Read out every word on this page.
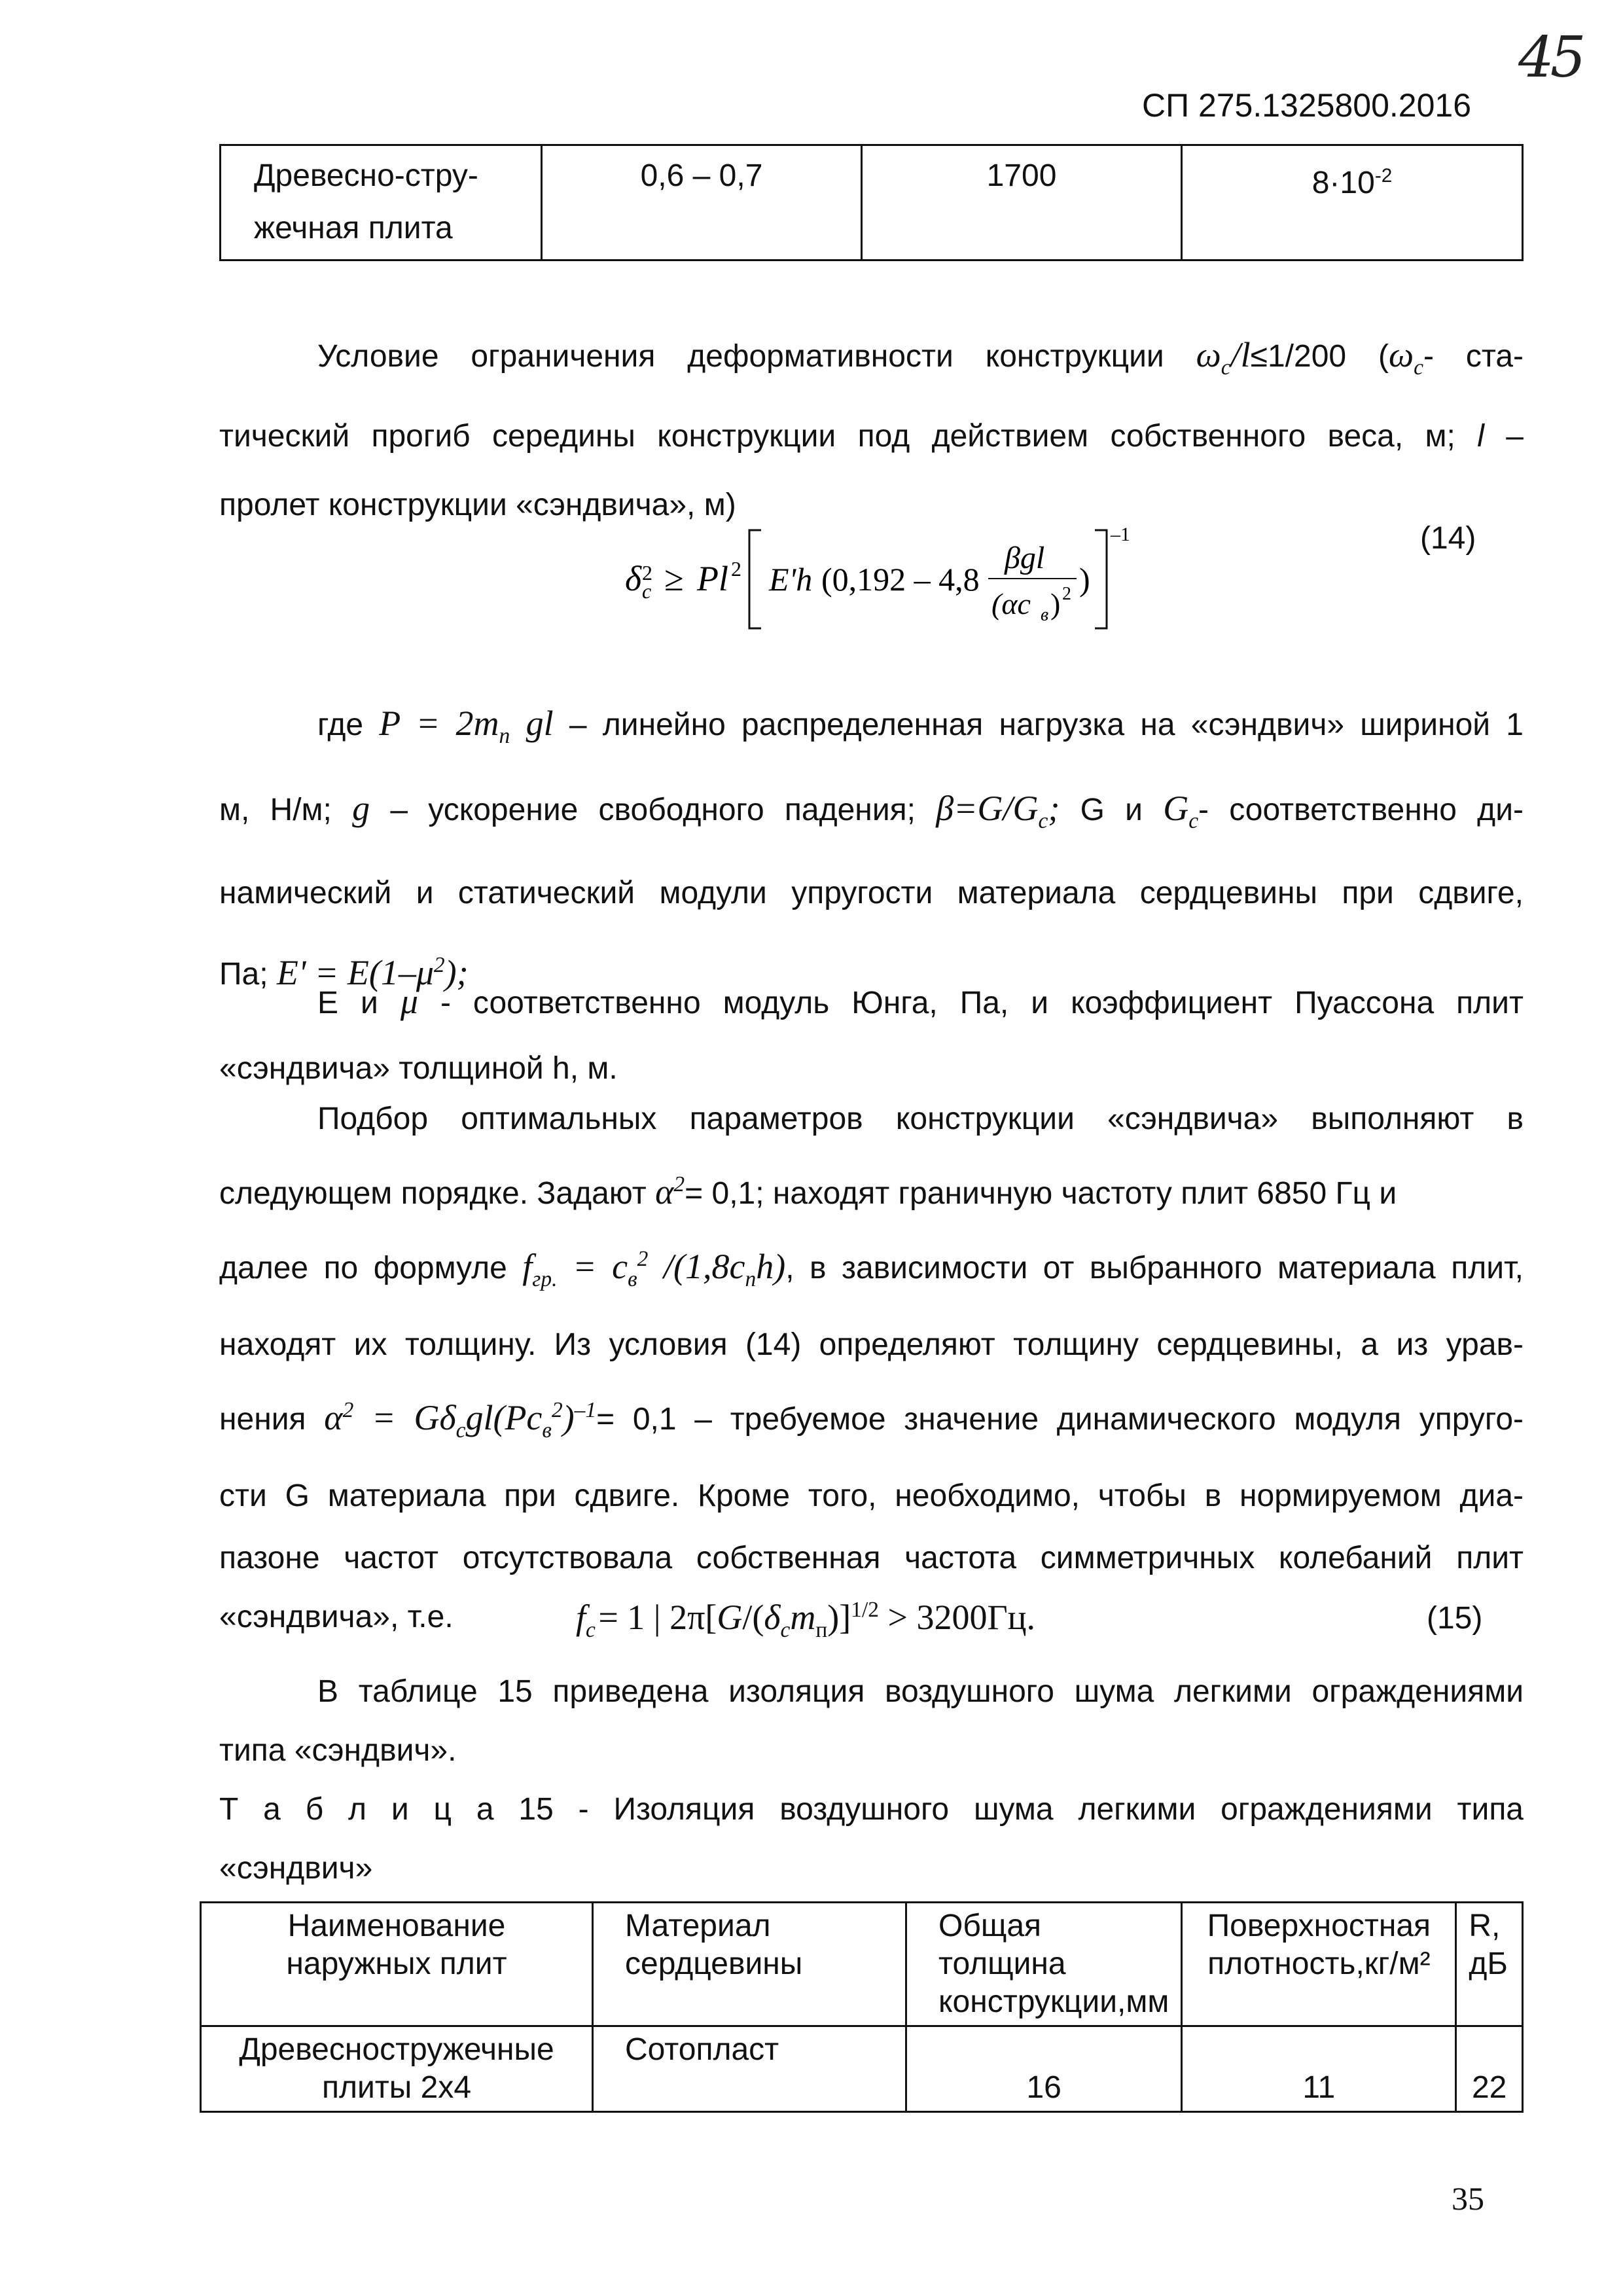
45
СП 275.1325800.2016
Древесно-стру-
жечная плита
	0,6 – 0,7	1700	$8\cdot 10^{-2}$
Условие ограничения деформативности конструкции $\omega_c/l\le 1/200$ ($\omega_c-$ ста-
тический прогиб середины конструкции под действием собственного веса, м; l –
пролет конструкции «сэндвича», м)
δ 2
c ≥ Pl 2 E'h (0,192 – 4,8
βgl
(αc в ) 2 )
–1	(14)
где $P = 2m_п$ gl – линейно распределенная нагрузка на «сэндвич» шириной 1
м, Н/м; g – ускорение свободного падения; $\beta=G/G_c$; G и $G_c-$ соответственно ди-
намический и статический модули упругости материала сердцевины при сдвиге,
Па; $E' = E(1-\mu^2)$;
E и μ - соответственно модуль Юнга, Па, и коэффициент Пуассона плит
«сэндвича» толщиной h, м.
Подбор оптимальных параметров конструкции «сэндвича» выполняют в
следующем порядке. Задают $\alpha^2= 0,1$; находят граничную частоту плит 6850 Гц и
далее по формуле $f_{гр.} = c_в^2$ $/(1,8c_пh)$, в зависимости от выбранного материала плит,
находят их толщину. Из условия (14) определяют толщину сердцевины, а из урав-
нения $\alpha^2 = G\delta_cgl(Pc_в^2)^{-1}= 0,1$ – требуемое значение динамического модуля упруго-
сти G материала при сдвиге. Кроме того, необходимо, чтобы в нормируемом диа-
пазоне частот отсутствовала собственная частота симметричных колебаний плит
«сэндвича», т.е.	$f_c = 1$ | $2\pi[G/(\delta_cm_п)]^{1/2} > 3200Гц$.	(15)
В таблице 15 приведена изоляция воздушного шума легкими ограждениями
типа «сэндвич».
Т а б л и ц а 15 - Изоляция воздушного шума легкими ограждениями типа
«сэндвич»
Наименование наружных плит	Материал сердцевины	Общая толщина конструкции,мм	Поверхностная плотность,кг/м²	R, дБ
Древесностружечные плиты 2х4	Сотопласт	16	11	22
35
